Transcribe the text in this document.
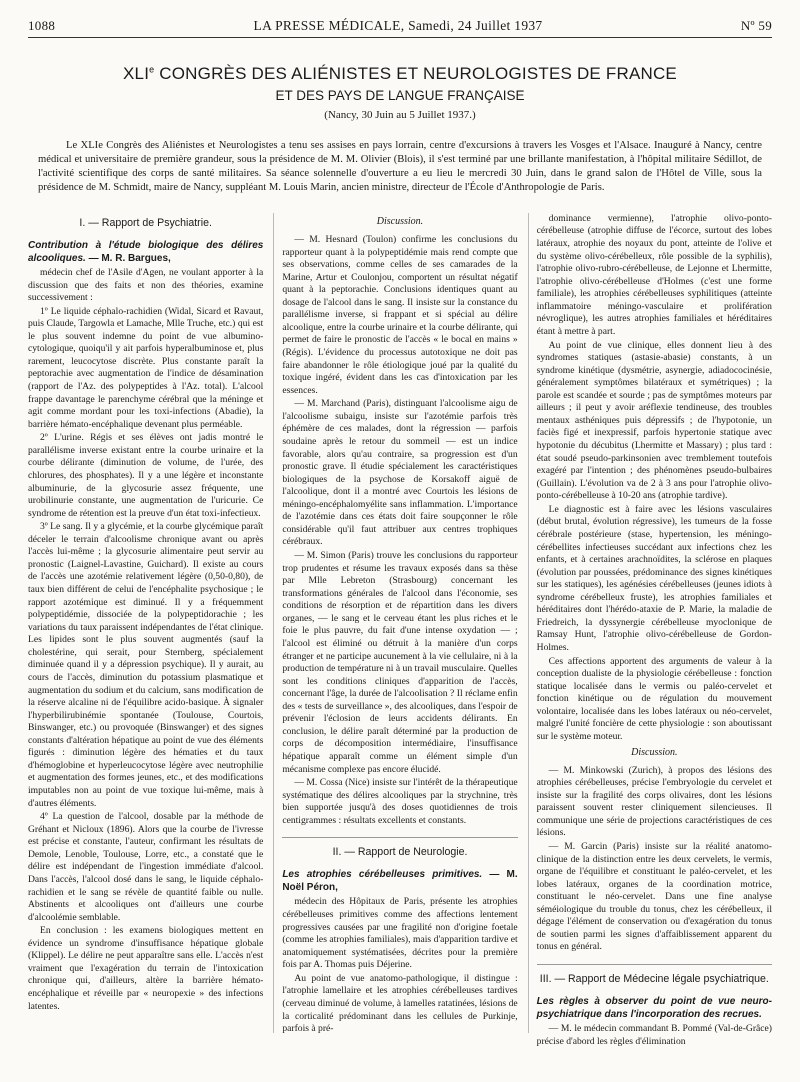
1088	LA PRESSE MÉDICALE, Samedi, 24 Juillet 1937	Nº 59
XLIe CONGRÈS DES ALIÉNISTES ET NEUROLOGISTES DE FRANCE
ET DES PAYS DE LANGUE FRANÇAISE
(Nancy, 30 Juin au 5 Juillet 1937.)

Le XLIe Congrès des Aliénistes et Neurologistes a tenu ses assises en pays lorrain, centre d'excursions à travers les Vosges et l'Alsace. Inauguré à Nancy, centre médical et universitaire de première grandeur, sous la présidence de M. M. Olivier (Blois), il s'est terminé par une brillante manifestation, à l'hôpital militaire Sédillot, de l'activité scientifique des corps de santé militaires. Sa séance solennelle d'ouverture a eu lieu le mercredi 30 Juin, dans le grand salon de l'Hôtel de Ville, sous la présidence de M. Schmidt, maire de Nancy, suppléant M. Louis Marin, ancien ministre, directeur de l'École d'Anthropologie de Paris.

I. — Rapport de Psychiatrie.
Contribution à l'étude biologique des délires alcooliques. — M. R. Bargues,

médecin chef de l'Asile d'Agen, ne voulant apporter à la discussion que des faits et non des théories, examine successivement :

1º Le liquide céphalo-rachidien (Widal, Sicard et Ravaut, puis Claude, Targowla et Lamache, Mlle Truche, etc.) qui est le plus souvent indemne du point de vue albumino-cytologique, quoiqu'il y ait parfois hyperalbuminose et, plus rarement, leucocytose discrète. Plus constante paraît la peptorachie avec augmentation de l'indice de désamination (rapport de l'Az. des polypeptides à l'Az. total). L'alcool frappe davantage le parenchyme cérébral que la méninge et agit comme mordant pour les toxi-infections (Abadie), la barrière hémato-encéphalique devenant plus perméable.

2º L'urine. Régis et ses élèves ont jadis montré le parallélisme inverse existant entre la courbe urinaire et la courbe délirante (diminution de volume, de l'urée, des chlorures, des phosphates). Il y a une légère et inconstante albuminurie, de la glycosurie assez fréquente, une urobilinurie constante, une augmentation de l'uricurie. Ce syndrome de rétention est la preuve d'un état toxi-infectieux.

3º Le sang. Il y a glycémie, et la courbe glycémique paraît déceler le terrain d'alcoolisme chronique avant ou après l'accès lui-même ; la glycosurie alimentaire peut servir au pronostic (Laignel-Lavastine, Guichard). Il existe au cours de l'accès une azotémie relativement légère (0,50-0,80), de taux bien différent de celui de l'encéphalite psychosique ; le rapport azotémique est diminué. Il y a fréquemment polypeptidémie, dissociée de la polypeptidorachie ; les variations du taux paraissent indépendantes de l'état clinique. Les lipides sont le plus souvent augmentés (sauf la cholestérine, qui serait, pour Sternberg, spécialement diminuée quand il y a dépression psychique). Il y aurait, au cours de l'accès, diminution du potassium plasmatique et augmentation du sodium et du calcium, sans modification de la réserve alcaline ni de l'équilibre acido-basique. À signaler l'hyperbilirubinémie spontanée (Toulouse, Courtois, Binswanger, etc.) ou provoquée (Binswanger) et des signes constants d'altération hépatique au point de vue des éléments figurés : diminution légère des hématies et du taux d'hémoglobine et hyperleucocytose légère avec neutrophilie et augmentation des formes jeunes, etc., et des modifications imputables non au point de vue toxique lui-même, mais à d'autres éléments.

4º La question de l'alcool, dosable par la méthode de Gréhant et Nicloux (1896). Alors que la courbe de l'ivresse est précise et constante, l'auteur, confirmant les résultats de Demole, Lenoble, Toulouse, Lorre, etc., a constaté que le délire est indépendant de l'ingestion immédiate d'alcool. Dans l'accès, l'alcool dosé dans le sang, le liquide céphalo-rachidien et le sang se révèle de quantité faible ou nulle. Abstinents et alcooliques ont d'ailleurs une courbe d'alcoolémie semblable.

En conclusion : les examens biologiques mettent en évidence un syndrome d'insuffisance hépatique globale (Klippel). Le délire ne peut apparaître sans elle. L'accès n'est vraiment que l'exagération du terrain de l'intoxication chronique qui, d'ailleurs, altère la barrière hémato-encéphalique et réveille par « neuropexie » des infections latentes.

Discussion.

— M. Hesnard (Toulon) confirme les conclusions du rapporteur quant à la polypeptidémie mais rend compte que ses observations, comme celles de ses camarades de la Marine, Artur et Coulonjou, comportent un résultat négatif quant à la peptorachie. Conclusions identiques quant au dosage de l'alcool dans le sang. Il insiste sur la constance du parallélisme inverse, si frappant et si spécial au délire alcoolique, entre la courbe urinaire et la courbe délirante, qui permet de faire le pronostic de l'accès « le bocal en mains » (Régis). L'évidence du processus autotoxique ne doit pas faire abandonner le rôle étiologique joué par la qualité du toxique ingéré, évident dans les cas d'intoxication par les essences.

— M. Marchand (Paris), distinguant l'alcoolisme aigu de l'alcoolisme subaigu, insiste sur l'azotémie parfois très éphémère de ces malades, dont la régression — parfois soudaine après le retour du sommeil — est un indice favorable, alors qu'au contraire, sa progression est d'un pronostic grave. Il étudie spécialement les caractéristiques biologiques de la psychose de Korsakoff aiguë de l'alcoolique, dont il a montré avec Courtois les lésions de méningo-encéphalomyélite sans inflammation. L'importance de l'azotémie dans ces états doit faire soupçonner le rôle considérable qu'il faut attribuer aux centres trophiques cérébraux.

— M. Simon (Paris) trouve les conclusions du rapporteur trop prudentes et résume les travaux exposés dans sa thèse par Mlle Lebreton (Strasbourg) concernant les transformations générales de l'alcool dans l'économie, ses conditions de résorption et de répartition dans les divers organes, — le sang et le cerveau étant les plus riches et le foie le plus pauvre, du fait d'une intense oxydation — ; l'alcool est éliminé ou détruit à la manière d'un corps étranger et ne participe aucunement à la vie cellulaire, ni à la production de température ni à un travail musculaire. Quelles sont les conditions cliniques d'apparition de l'accès, concernant l'âge, la durée de l'alcoolisation ? Il réclame enfin des « tests de surveillance », des alcooliques, dans l'espoir de prévenir l'éclosion de leurs accidents délirants. En conclusion, le délire paraît déterminé par la production de corps de décomposition intermédiaire, l'insuffisance hépatique apparaît comme un élément simple d'un mécanisme complexe pas encore élucidé.

— M. Cossa (Nice) insiste sur l'intérêt de la thérapeutique systématique des délires alcooliques par la strychnine, très bien supportée jusqu'à des doses quotidiennes de trois centigrammes : résultats excellents et constants.

II. — Rapport de Neurologie.
Les atrophies cérébelleuses primitives. — M. Noël Péron,

médecin des Hôpitaux de Paris, présente les atrophies cérébelleuses primitives comme des affections lentement progressives causées par une fragilité non d'origine foetale (comme les atrophies familiales), mais d'apparition tardive et anatomiquement systématisées, décrites pour la première fois par A. Thomas puis Déjerine.

Au point de vue anatomo-pathologique, il distingue : l'atrophie lamellaire et les atrophies cérébelleuses tardives (cerveau diminué de volume, à lamelles ratatinées, lésions de la corticalité prédominant dans les cellules de Purkinje, parfois à pré-

dominance vermienne), l'atrophie olivo-ponto-cérébelleuse (atrophie diffuse de l'écorce, surtout des lobes latéraux, atrophie des noyaux du pont, atteinte de l'olive et du système olivo-cérébelleux, rôle possible de la syphilis), l'atrophie olivo-rubro-cérébelleuse, de Lejonne et Lhermitte, l'atrophie olivo-cérébelleuse d'Holmes (c'est une forme familiale), les atrophies cérébelleuses syphilitiques (atteinte inflammatoire méningo-vasculaire et prolifération névroglique), les autres atrophies familiales et héréditaires étant à mettre à part.

Au point de vue clinique, elles donnent lieu à des syndromes statiques (astasie-abasie) constants, à un syndrome kinétique (dysmétrie, asynergie, adiadococinésie, généralement symptômes bilatéraux et symétriques) ; la parole est scandée et sourde ; pas de symptômes moteurs par ailleurs ; il peut y avoir aréflexie tendineuse, des troubles mentaux asthéniques puis dépressifs ; de l'hypotonie, un faciès figé et inexpressif, parfois hypertonie statique avec hypotonie du décubitus (Lhermitte et Massary) ; plus tard : état soudé pseudo-parkinsonien avec tremblement toutefois exagéré par l'intention ; des phénomènes pseudo-bulbaires (Guillain). L'évolution va de 2 à 3 ans pour l'atrophie olivo-ponto-cérébelleuse à 10-20 ans (atrophie tardive).

Le diagnostic est à faire avec les lésions vasculaires (début brutal, évolution régressive), les tumeurs de la fosse cérébrale postérieure (stase, hypertension, les méningo-cérébellites infectieuses succédant aux infections chez les enfants, et à certaines arachnoïdites, la sclérose en plaques (évolution par poussées, prédominance des signes kinétiques sur les statiques), les agénésies cérébelleuses (jeunes idiots à syndrome cérébelleux fruste), les atrophies familiales et héréditaires dont l'hérédo-ataxie de P. Marie, la maladie de Friedreich, la dyssynergie cérébelleuse myoclonique de Ramsay Hunt, l'atrophie olivo-cérébelleuse de Gordon-Holmes.

Ces affections apportent des arguments de valeur à la conception dualiste de la physiologie cérébelleuse : fonction statique localisée dans le vermis ou paléo-cervelet et fonction kinétique ou de régulation du mouvement volontaire, localisée dans les lobes latéraux ou néo-cervelet, malgré l'unité foncière de cette physiologie : son aboutissant sur le système moteur.

Discussion.

— M. Minkowski (Zurich), à propos des lésions des atrophies cérébelleuses, précise l'embryologie du cervelet et insiste sur la fragilité des corps olivaires, dont les lésions paraissent souvent rester cliniquement silencieuses. Il communique une série de projections caractéristiques de ces lésions.

— M. Garcin (Paris) insiste sur la réalité anatomo-clinique de la distinction entre les deux cervelets, le vermis, organe de l'équilibre et constituant le paléo-cervelet, et les lobes latéraux, organes de la coordination motrice, constituant le néo-cervelet. Dans une fine analyse séméiologique du trouble du tonus, chez les cérébelleux, il dégage l'élément de conservation ou d'exagération du tonus de soutien parmi les signes d'affaiblissement apparent du tonus en général.

III. — Rapport de Médecine légale psychiatrique.
Les règles à observer du point de vue neuro-psychiatrique dans l'incorporation des recrues.

— M. le médecin commandant B. Pommé (Val-de-Grâce) précise d'abord les règles d'élimination
